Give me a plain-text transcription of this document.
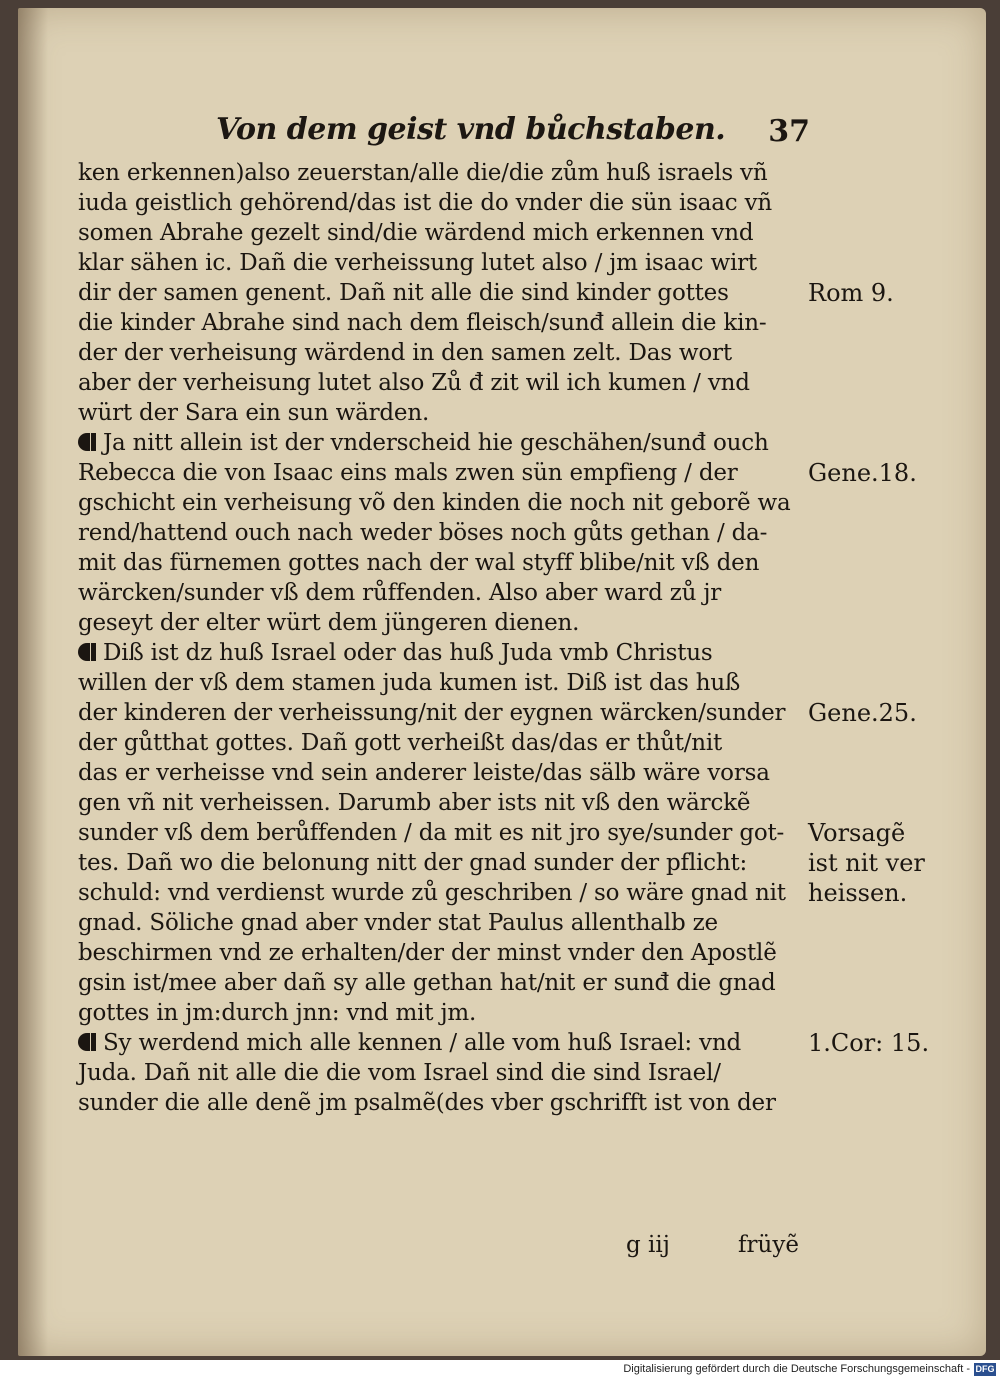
Von dem geist vnd bůchstaben. 37
ken erkennen)also zeuerstan/alle die/die zům huß israels vñ
iuda geistlich gehörend/das ist die do vnder die sün isaac vñ
somen Abrahe gezelt sind/die wärdend mich erkennen vnd
klar sähen ic. Dañ die verheissung lutet also / jm isaac wirt
dir der samen genent. Dañ nit alle die sind kinder gottes
die kinder Abrahe sind nach dem fleisch/sunđ allein die kin-
der der verheisung wärdend in den samen zelt. Das wort
aber der verheisung lutet also Zů đ zit wil ich kumen / vnd
würt der Sara ein sun wärden.
Ja nitt allein ist der vnderscheid hie geschähen/sunđ ouch
Rebecca die von Isaac eins mals zwen sün empfieng / der
gschicht ein verheisung võ den kinden die noch nit geborẽ wa
rend/hattend ouch nach weder böses noch gůts gethan / da-
mit das fürnemen gottes nach der wal styff blibe/nit vß den
wärcken/sunder vß dem růffenden. Also aber ward zů jr
geseyt der elter würt dem jüngeren dienen.
Diß ist dz huß Israel oder das huß Juda vmb Christus
willen der vß dem stamen juda kumen ist. Diß ist das huß
der kinderen der verheissung/nit der eygnen wärcken/sunder
der gůtthat gottes. Dañ gott verheißt das/das er thůt/nit
das er verheisse vnd sein anderer leiste/das sälb wäre vorsa
gen vñ nit verheissen. Darumb aber ists nit vß den wärckẽ
sunder vß dem berůffenden / da mit es nit jro sye/sunder got-
tes. Dañ wo die belonung nitt der gnad sunder der pflicht:
schuld: vnd verdienst wurde zů geschriben / so wäre gnad nit
gnad. Söliche gnad aber vnder stat Paulus allenthalb ze
beschirmen vnd ze erhalten/der der minst vnder den Apostlẽ
gsin ist/mee aber dañ sy alle gethan hat/nit er sunđ die gnad
gottes in jm:durch jnn: vnd mit jm.
Sy werdend mich alle kennen / alle vom huß Israel: vnd
Juda. Dañ nit alle die die vom Israel sind die sind Israel/
sunder die alle denẽ jm psalmẽ(des vber gschrifft ist von der
Rom 9.
Gene.18.
Gene.25.
Vorsagẽ
ist nit ver
heissen.
1.Cor: 15.
g iij	früyẽ
Digitalisierung gefördert durch die Deutsche Forschungsgemeinschaft - DFG
